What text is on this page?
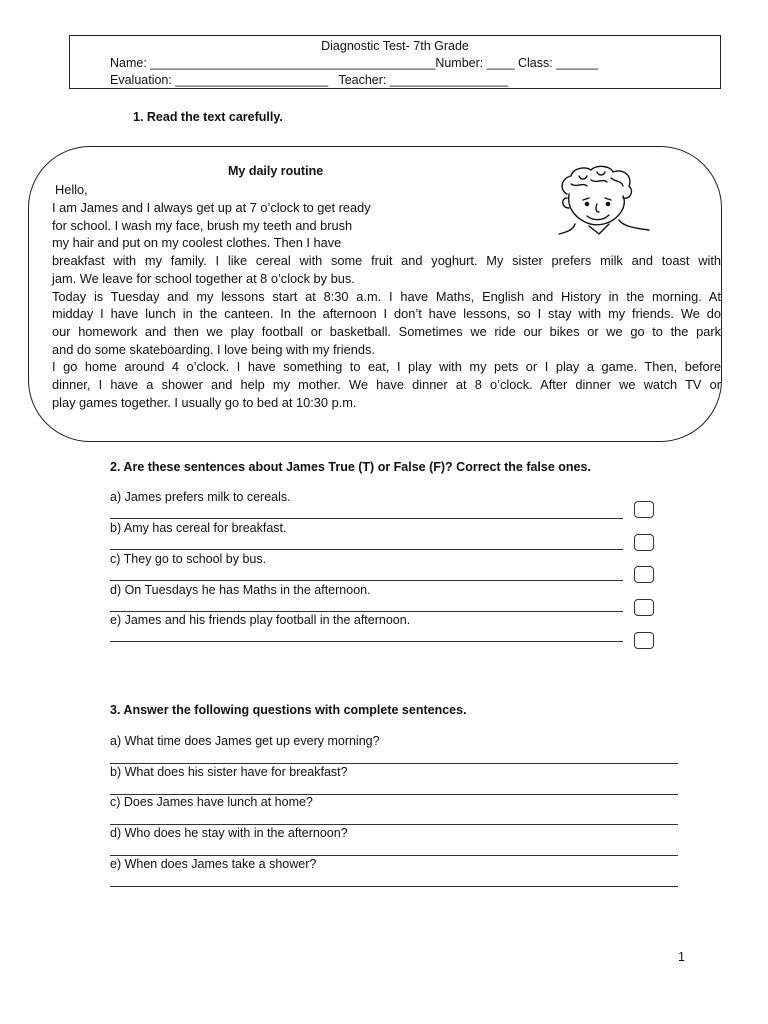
Diagnostic Test- 7th Grade
Name: _________________________________________Number: ____ Class: ______
Evaluation: ______________________   Teacher: _________________
1. Read the text carefully.
My daily routine
Hello,
I am James and I always get up at 7 o’clock to get ready
for school. I wash my face, brush my teeth and brush
my hair and put on my coolest clothes. Then I have
breakfast with my family. I like cereal with some fruit and yoghurt. My sister prefers milk and toast with
jam. We leave for school together at 8 o’clock by bus.
Today is Tuesday and my lessons start at 8:30 a.m. I have Maths, English and History in the morning. At
midday I have lunch in the canteen. In the afternoon I don’t have lessons, so I stay with my friends. We do
our homework and then we play football or basketball. Sometimes we ride our bikes or we go to the park
and do some skateboarding. I love being with my friends.
I go home around 4 o’clock. I have something to eat, I play with my pets or I play a game. Then, before
dinner, I have a shower and help my mother. We have dinner at 8 o’clock. After dinner we watch TV or
play games together. I usually go to bed at 10:30 p.m.
2. Are these sentences about James True (T) or False (F)? Correct the false ones.
a) James prefers milk to cereals.
b) Amy has cereal for breakfast.
c) They go to school by bus.
d) On Tuesdays he has Maths in the afternoon.
e) James and his friends play football in the afternoon.
3. Answer the following questions with complete sentences.
a) What time does James get up every morning?
b) What does his sister have for breakfast?
c) Does James have lunch at home?
d) Who does he stay with in the afternoon?
e) When does James take a shower?
1
